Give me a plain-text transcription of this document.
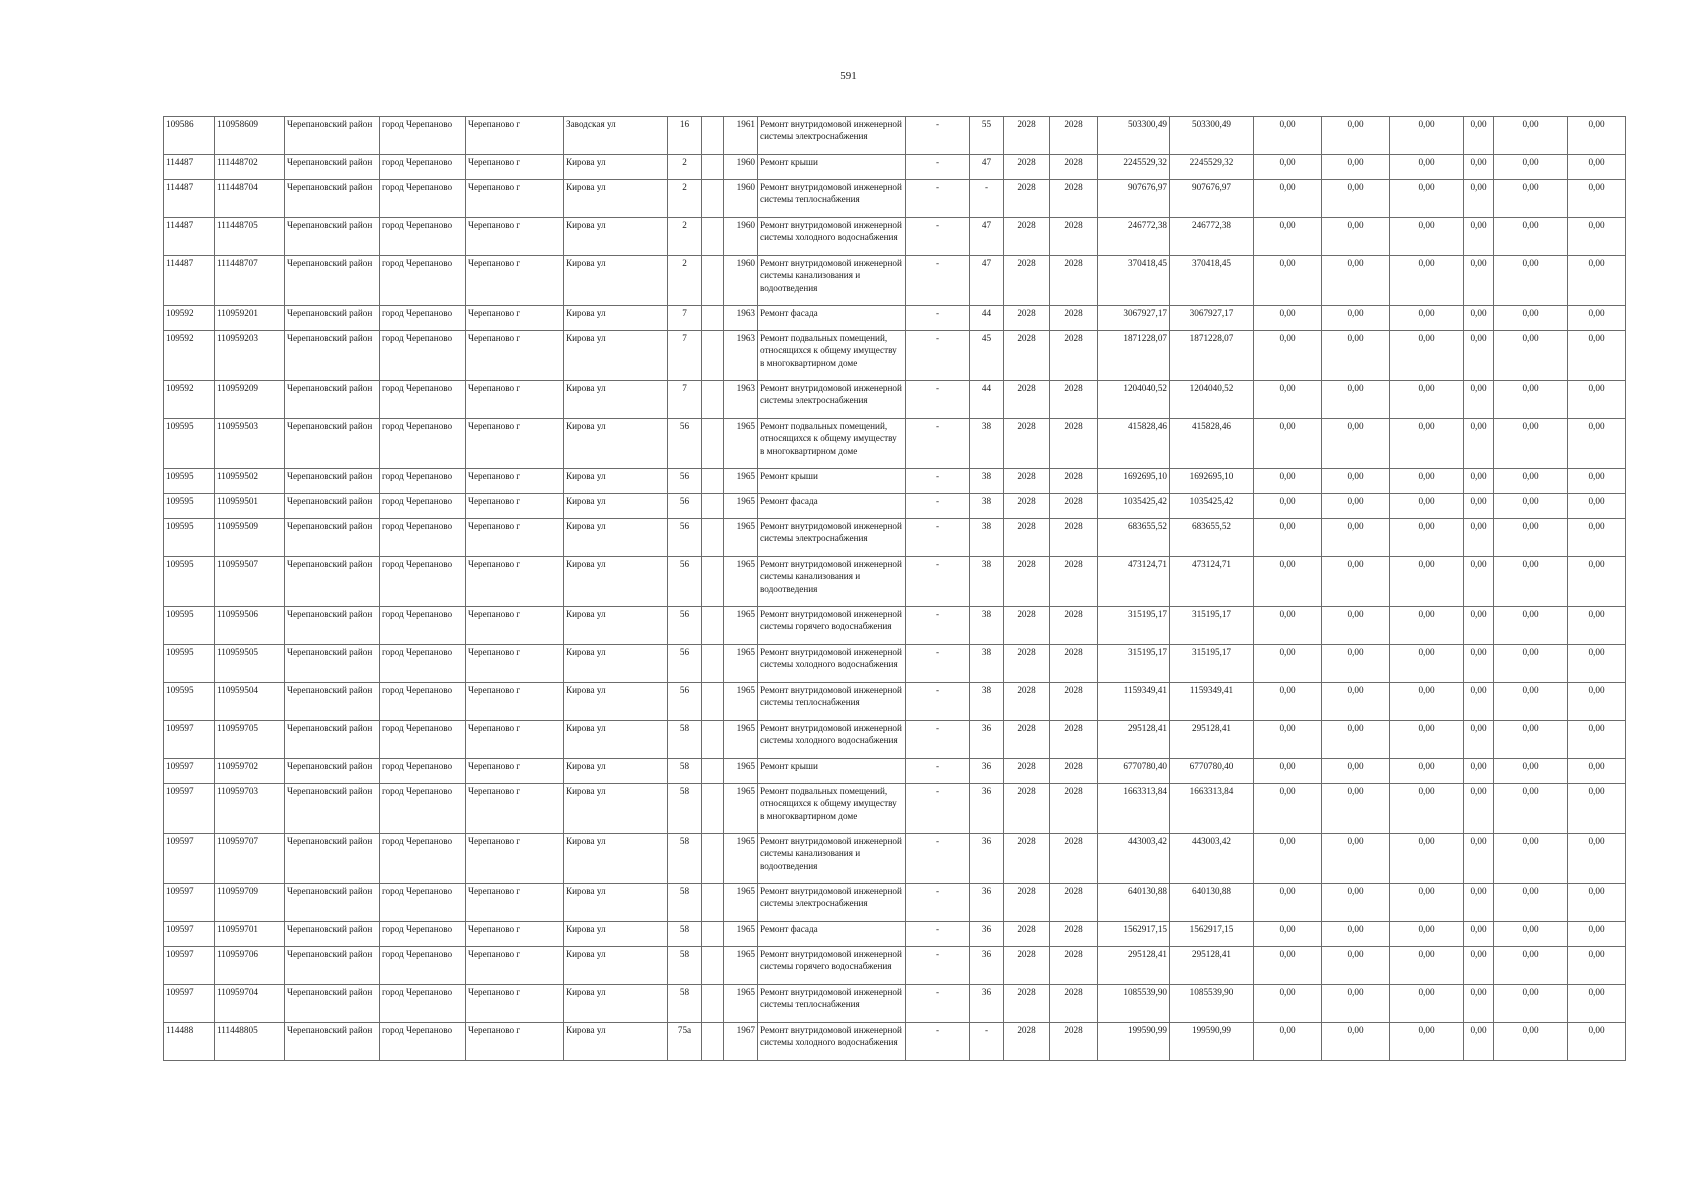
591
109586	110958609	Черепановский район	город Черепаново	Черепаново г	Заводская ул	16		1961	Ремонт внутридомовой инженерной системы электроснабжения	-	55	2028	2028	503300,49	503300,49	0,00	0,00	0,00	0,00	0,00	0,00
114487	111448702	Черепановский район	город Черепаново	Черепаново г	Кирова ул	2		1960	Ремонт крыши	-	47	2028	2028	2245529,32	2245529,32	0,00	0,00	0,00	0,00	0,00	0,00
114487	111448704	Черепановский район	город Черепаново	Черепаново г	Кирова ул	2		1960	Ремонт внутридомовой инженерной системы теплоснабжения	-	-	2028	2028	907676,97	907676,97	0,00	0,00	0,00	0,00	0,00	0,00
114487	111448705	Черепановский район	город Черепаново	Черепаново г	Кирова ул	2		1960	Ремонт внутридомовой инженерной системы холодного водоснабжения	-	47	2028	2028	246772,38	246772,38	0,00	0,00	0,00	0,00	0,00	0,00
114487	111448707	Черепановский район	город Черепаново	Черепаново г	Кирова ул	2		1960	Ремонт внутридомовой инженерной системы канализования и водоотведения	-	47	2028	2028	370418,45	370418,45	0,00	0,00	0,00	0,00	0,00	0,00
109592	110959201	Черепановский район	город Черепаново	Черепаново г	Кирова ул	7		1963	Ремонт фасада	-	44	2028	2028	3067927,17	3067927,17	0,00	0,00	0,00	0,00	0,00	0,00
109592	110959203	Черепановский район	город Черепаново	Черепаново г	Кирова ул	7		1963	Ремонт подвальных помещений, относящихся к общему имуществу в многоквартирном доме	-	45	2028	2028	1871228,07	1871228,07	0,00	0,00	0,00	0,00	0,00	0,00
109592	110959209	Черепановский район	город Черепаново	Черепаново г	Кирова ул	7		1963	Ремонт внутридомовой инженерной системы электроснабжения	-	44	2028	2028	1204040,52	1204040,52	0,00	0,00	0,00	0,00	0,00	0,00
109595	110959503	Черепановский район	город Черепаново	Черепаново г	Кирова ул	56		1965	Ремонт подвальных помещений, относящихся к общему имуществу в многоквартирном доме	-	38	2028	2028	415828,46	415828,46	0,00	0,00	0,00	0,00	0,00	0,00
109595	110959502	Черепановский район	город Черепаново	Черепаново г	Кирова ул	56		1965	Ремонт крыши	-	38	2028	2028	1692695,10	1692695,10	0,00	0,00	0,00	0,00	0,00	0,00
109595	110959501	Черепановский район	город Черепаново	Черепаново г	Кирова ул	56		1965	Ремонт фасада	-	38	2028	2028	1035425,42	1035425,42	0,00	0,00	0,00	0,00	0,00	0,00
109595	110959509	Черепановский район	город Черепаново	Черепаново г	Кирова ул	56		1965	Ремонт внутридомовой инженерной системы электроснабжения	-	38	2028	2028	683655,52	683655,52	0,00	0,00	0,00	0,00	0,00	0,00
109595	110959507	Черепановский район	город Черепаново	Черепаново г	Кирова ул	56		1965	Ремонт внутридомовой инженерной системы канализования и водоотведения	-	38	2028	2028	473124,71	473124,71	0,00	0,00	0,00	0,00	0,00	0,00
109595	110959506	Черепановский район	город Черепаново	Черепаново г	Кирова ул	56		1965	Ремонт внутридомовой инженерной системы горячего водоснабжения	-	38	2028	2028	315195,17	315195,17	0,00	0,00	0,00	0,00	0,00	0,00
109595	110959505	Черепановский район	город Черепаново	Черепаново г	Кирова ул	56		1965	Ремонт внутридомовой инженерной системы холодного водоснабжения	-	38	2028	2028	315195,17	315195,17	0,00	0,00	0,00	0,00	0,00	0,00
109595	110959504	Черепановский район	город Черепаново	Черепаново г	Кирова ул	56		1965	Ремонт внутридомовой инженерной системы теплоснабжения	-	38	2028	2028	1159349,41	1159349,41	0,00	0,00	0,00	0,00	0,00	0,00
109597	110959705	Черепановский район	город Черепаново	Черепаново г	Кирова ул	58		1965	Ремонт внутридомовой инженерной системы холодного водоснабжения	-	36	2028	2028	295128,41	295128,41	0,00	0,00	0,00	0,00	0,00	0,00
109597	110959702	Черепановский район	город Черепаново	Черепаново г	Кирова ул	58		1965	Ремонт крыши	-	36	2028	2028	6770780,40	6770780,40	0,00	0,00	0,00	0,00	0,00	0,00
109597	110959703	Черепановский район	город Черепаново	Черепаново г	Кирова ул	58		1965	Ремонт подвальных помещений, относящихся к общему имуществу в многоквартирном доме	-	36	2028	2028	1663313,84	1663313,84	0,00	0,00	0,00	0,00	0,00	0,00
109597	110959707	Черепановский район	город Черепаново	Черепаново г	Кирова ул	58		1965	Ремонт внутридомовой инженерной системы канализования и водоотведения	-	36	2028	2028	443003,42	443003,42	0,00	0,00	0,00	0,00	0,00	0,00
109597	110959709	Черепановский район	город Черепаново	Черепаново г	Кирова ул	58		1965	Ремонт внутридомовой инженерной системы электроснабжения	-	36	2028	2028	640130,88	640130,88	0,00	0,00	0,00	0,00	0,00	0,00
109597	110959701	Черепановский район	город Черепаново	Черепаново г	Кирова ул	58		1965	Ремонт фасада	-	36	2028	2028	1562917,15	1562917,15	0,00	0,00	0,00	0,00	0,00	0,00
109597	110959706	Черепановский район	город Черепаново	Черепаново г	Кирова ул	58		1965	Ремонт внутридомовой инженерной системы горячего водоснабжения	-	36	2028	2028	295128,41	295128,41	0,00	0,00	0,00	0,00	0,00	0,00
109597	110959704	Черепановский район	город Черепаново	Черепаново г	Кирова ул	58		1965	Ремонт внутридомовой инженерной системы теплоснабжения	-	36	2028	2028	1085539,90	1085539,90	0,00	0,00	0,00	0,00	0,00	0,00
114488	111448805	Черепановский район	город Черепаново	Черепаново г	Кирова ул	75а		1967	Ремонт внутридомовой инженерной системы холодного водоснабжения	-	-	2028	2028	199590,99	199590,99	0,00	0,00	0,00	0,00	0,00	0,00
